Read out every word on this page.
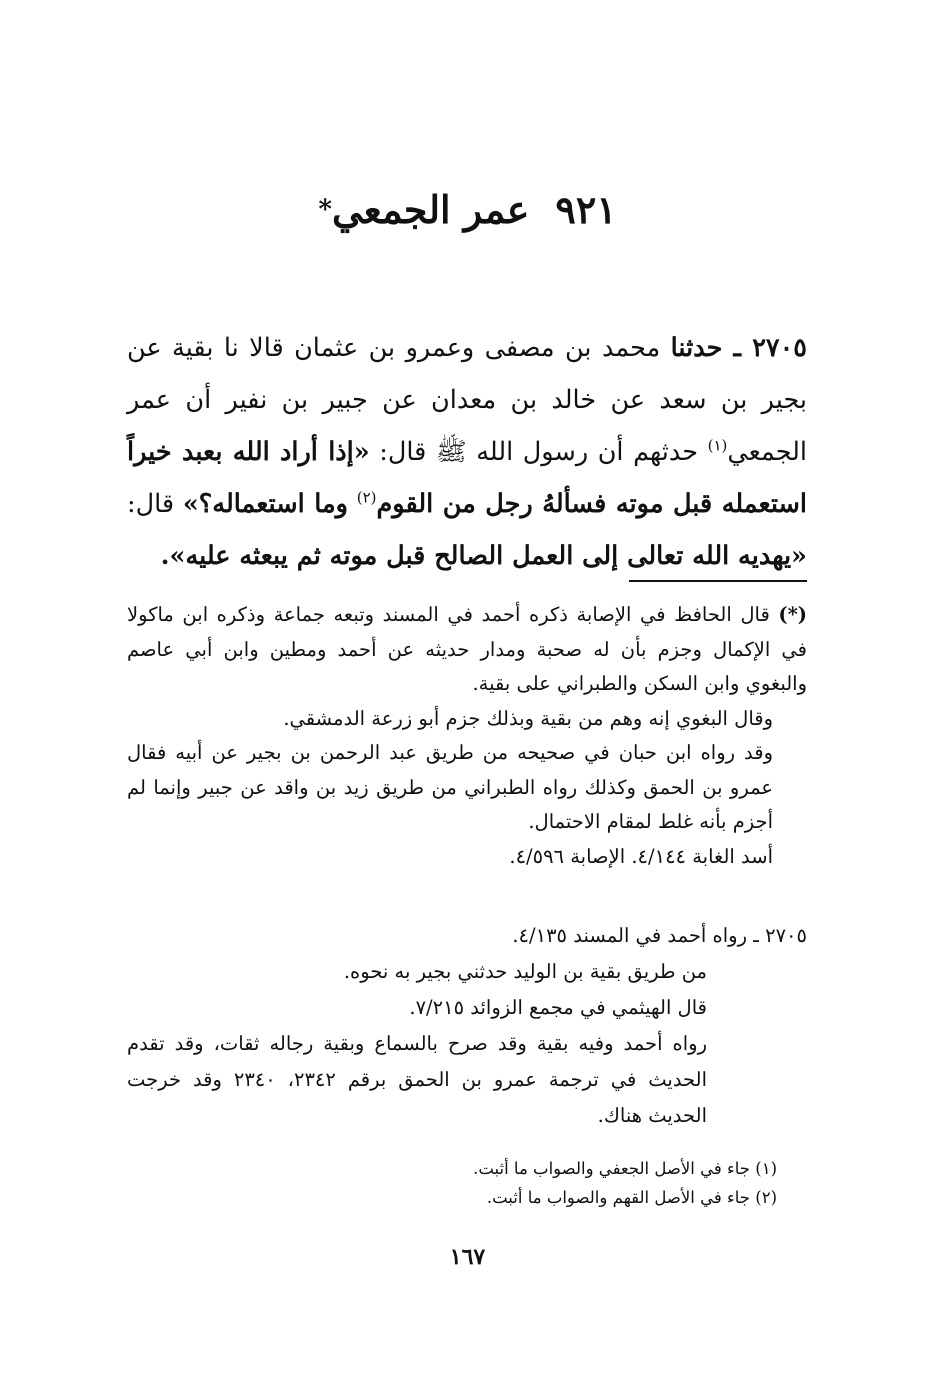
٩٢١عمر الجمعي*
٢٧٠٥ ـ حدثنا محمد بن مصفى وعمرو بن عثمان قالا نا بقية عن بجير بن سعد عن خالد بن معدان عن جبير بن نفير أن عمر الجمعي$^{(١)}$ حدثهم أن رسول الله ﷺ قال: «إذا أراد الله بعبد خيراً استعمله قبل موته فسألهُ رجل من القوم$^{(٢)}$ وما استعماله؟» قال: «يهديه الله تعالى إلى العمل الصالح قبل موته ثم يبعثه عليه».

(*) قال الحافظ في الإصابة ذكره أحمد في المسند وتبعه جماعة وذكره ابن ماكولا في الإكمال وجزم بأن له صحبة ومدار حديثه عن أحمد ومطين وابن أبي عاصم والبغوي وابن السكن والطبراني على بقية.

وقال البغوي إنه وهم من بقية وبذلك جزم أبو زرعة الدمشقي.

وقد رواه ابن حبان في صحيحه من طريق عبد الرحمن بن بجير عن أبيه فقال عمرو بن الحمق وكذلك رواه الطبراني من طريق زيد بن واقد عن جبير وإنما لم أجزم بأنه غلط لمقام الاحتمال.

أسد الغابة ٤/١٤٤. الإصابة ٤/٥٩٦.

٢٧٠٥ ـ رواه أحمد في المسند ٤/١٣٥.

من طريق بقية بن الوليد حدثني بجير به نحوه.

قال الهيثمي في مجمع الزوائد ٧/٢١٥.

رواه أحمد وفيه بقية وقد صرح بالسماع وبقية رجاله ثقات، وقد تقدم الحديث في ترجمة عمرو بن الحمق برقم ٢٣٤٢، ٢٣٤٠ وقد خرجت الحديث هناك.

(١) جاء في الأصل الجعفي والصواب ما أثبت.

(٢) جاء في الأصل القهم والصواب ما أثبت.

١٦٧
